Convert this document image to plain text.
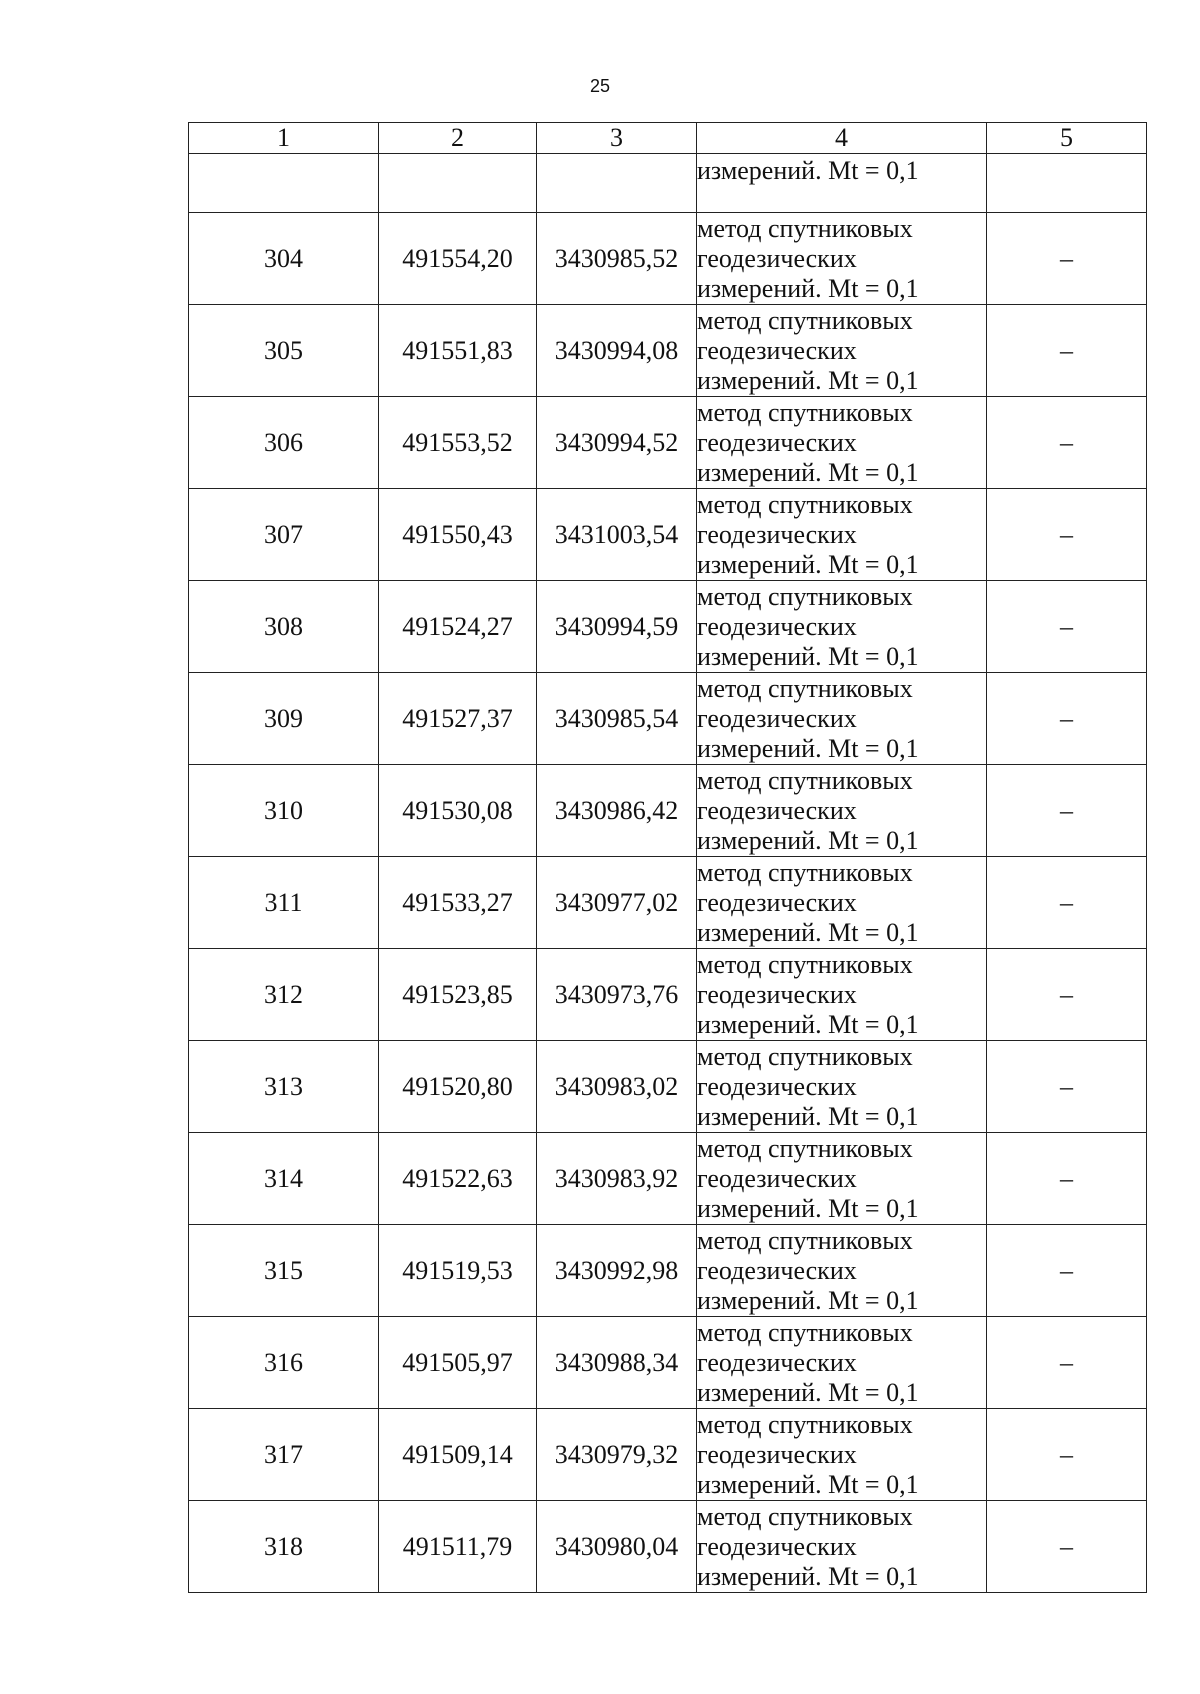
25
1	2	3	4	5
			измерений. Mt = 0,1	
304	491554,20	3430985,52	метод спутниковых
геодезических
измерений. Mt = 0,1	–
305	491551,83	3430994,08	метод спутниковых
геодезических
измерений. Mt = 0,1	–
306	491553,52	3430994,52	метод спутниковых
геодезических
измерений. Mt = 0,1	–
307	491550,43	3431003,54	метод спутниковых
геодезических
измерений. Mt = 0,1	–
308	491524,27	3430994,59	метод спутниковых
геодезических
измерений. Mt = 0,1	–
309	491527,37	3430985,54	метод спутниковых
геодезических
измерений. Mt = 0,1	–
310	491530,08	3430986,42	метод спутниковых
геодезических
измерений. Mt = 0,1	–
311	491533,27	3430977,02	метод спутниковых
геодезических
измерений. Mt = 0,1	–
312	491523,85	3430973,76	метод спутниковых
геодезических
измерений. Mt = 0,1	–
313	491520,80	3430983,02	метод спутниковых
геодезических
измерений. Mt = 0,1	–
314	491522,63	3430983,92	метод спутниковых
геодезических
измерений. Mt = 0,1	–
315	491519,53	3430992,98	метод спутниковых
геодезических
измерений. Mt = 0,1	–
316	491505,97	3430988,34	метод спутниковых
геодезических
измерений. Mt = 0,1	–
317	491509,14	3430979,32	метод спутниковых
геодезических
измерений. Mt = 0,1	–
318	491511,79	3430980,04	метод спутниковых
геодезических
измерений. Mt = 0,1	–
